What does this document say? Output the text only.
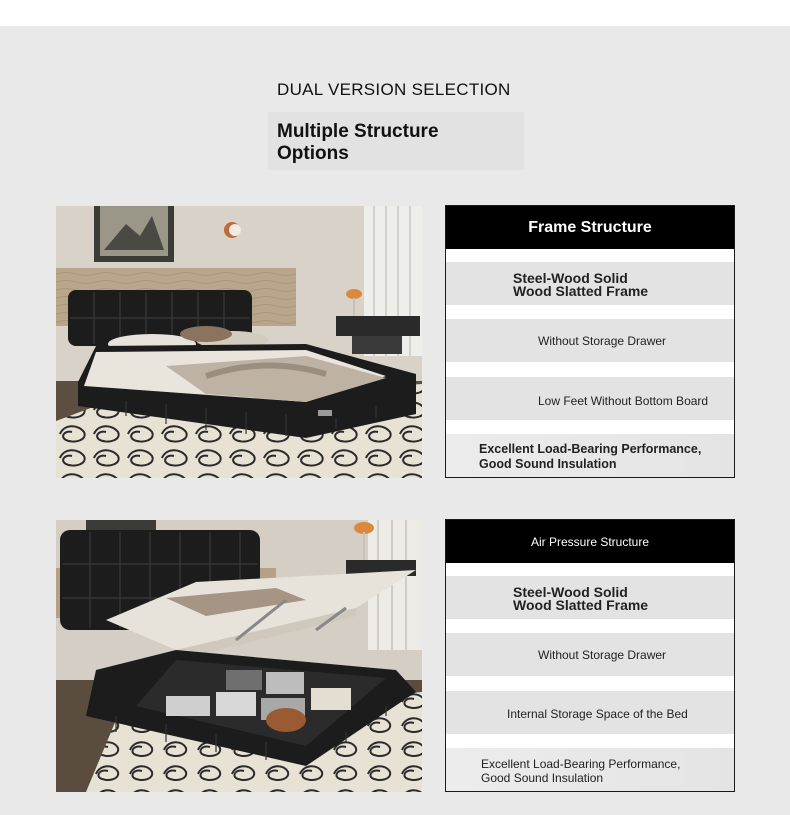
DUAL VERSION SELECTION
Multiple Structure
Options
Frame Structure
Steel-Wood Solid
Wood Slatted Frame
Without Storage Drawer
Low Feet Without Bottom Board
Excellent Load-Bearing Performance,
Good Sound Insulation
Air Pressure Structure
Steel-Wood Solid
Wood Slatted Frame
Without Storage Drawer
Internal Storage Space of the Bed
Excellent Load-Bearing Performance,
Good Sound Insulation
